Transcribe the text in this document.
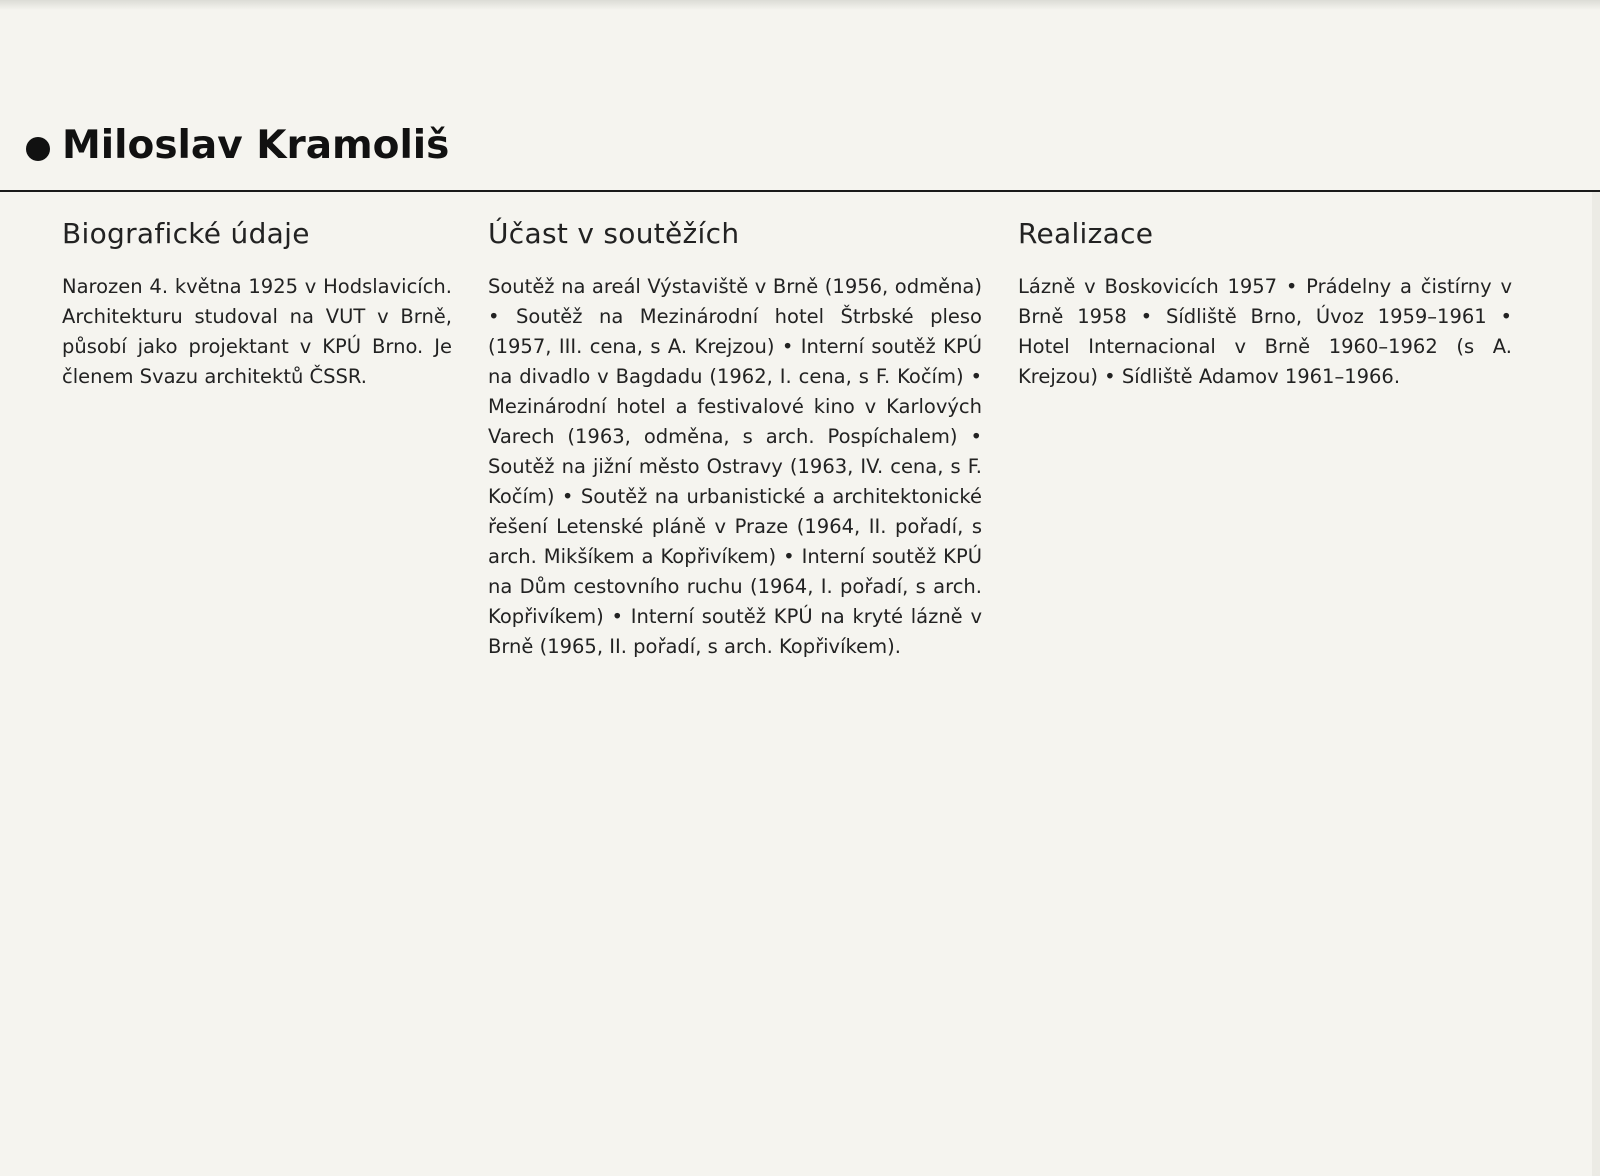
Miloslav Kramoliš
Biografické údaje

Narozen 4. května 1925 v Hodslavicích. Architekturu studoval na VUT v Brně, působí jako projektant v KPÚ Brno. Je členem Svazu architektů ČSSR.

Účast v soutěžích

Soutěž na areál Výstaviště v Brně (1956, odměna) • Soutěž na Mezinárodní hotel Štrbské pleso (1957, III. cena, s A. Krejzou) • Interní soutěž KPÚ na divadlo v Bagdadu (1962, I. cena, s F. Kočím) • Mezinárodní hotel a festivalové kino v Karlových Varech (1963, odměna, s arch. Pospíchalem) • Soutěž na jižní město Ostravy (1963, IV. cena, s F. Kočím) • Soutěž na urbanistické a architektonické řešení Letenské pláně v Praze (1964, II. pořadí, s arch. Mikšíkem a Kopřivíkem) • Interní soutěž KPÚ na Dům cestovního ruchu (1964, I. pořadí, s arch. Kopřivíkem) • Interní soutěž KPÚ na kryté lázně v Brně (1965, II. pořadí, s arch. Kopřivíkem).

Realizace

Lázně v Boskovicích 1957 • Prádelny a čistírny v Brně 1958 • Sídliště Brno, Úvoz 1959–1961 • Hotel Internacional v Brně 1960–1962 (s A. Krejzou) • Sídliště Adamov 1961–1966.
